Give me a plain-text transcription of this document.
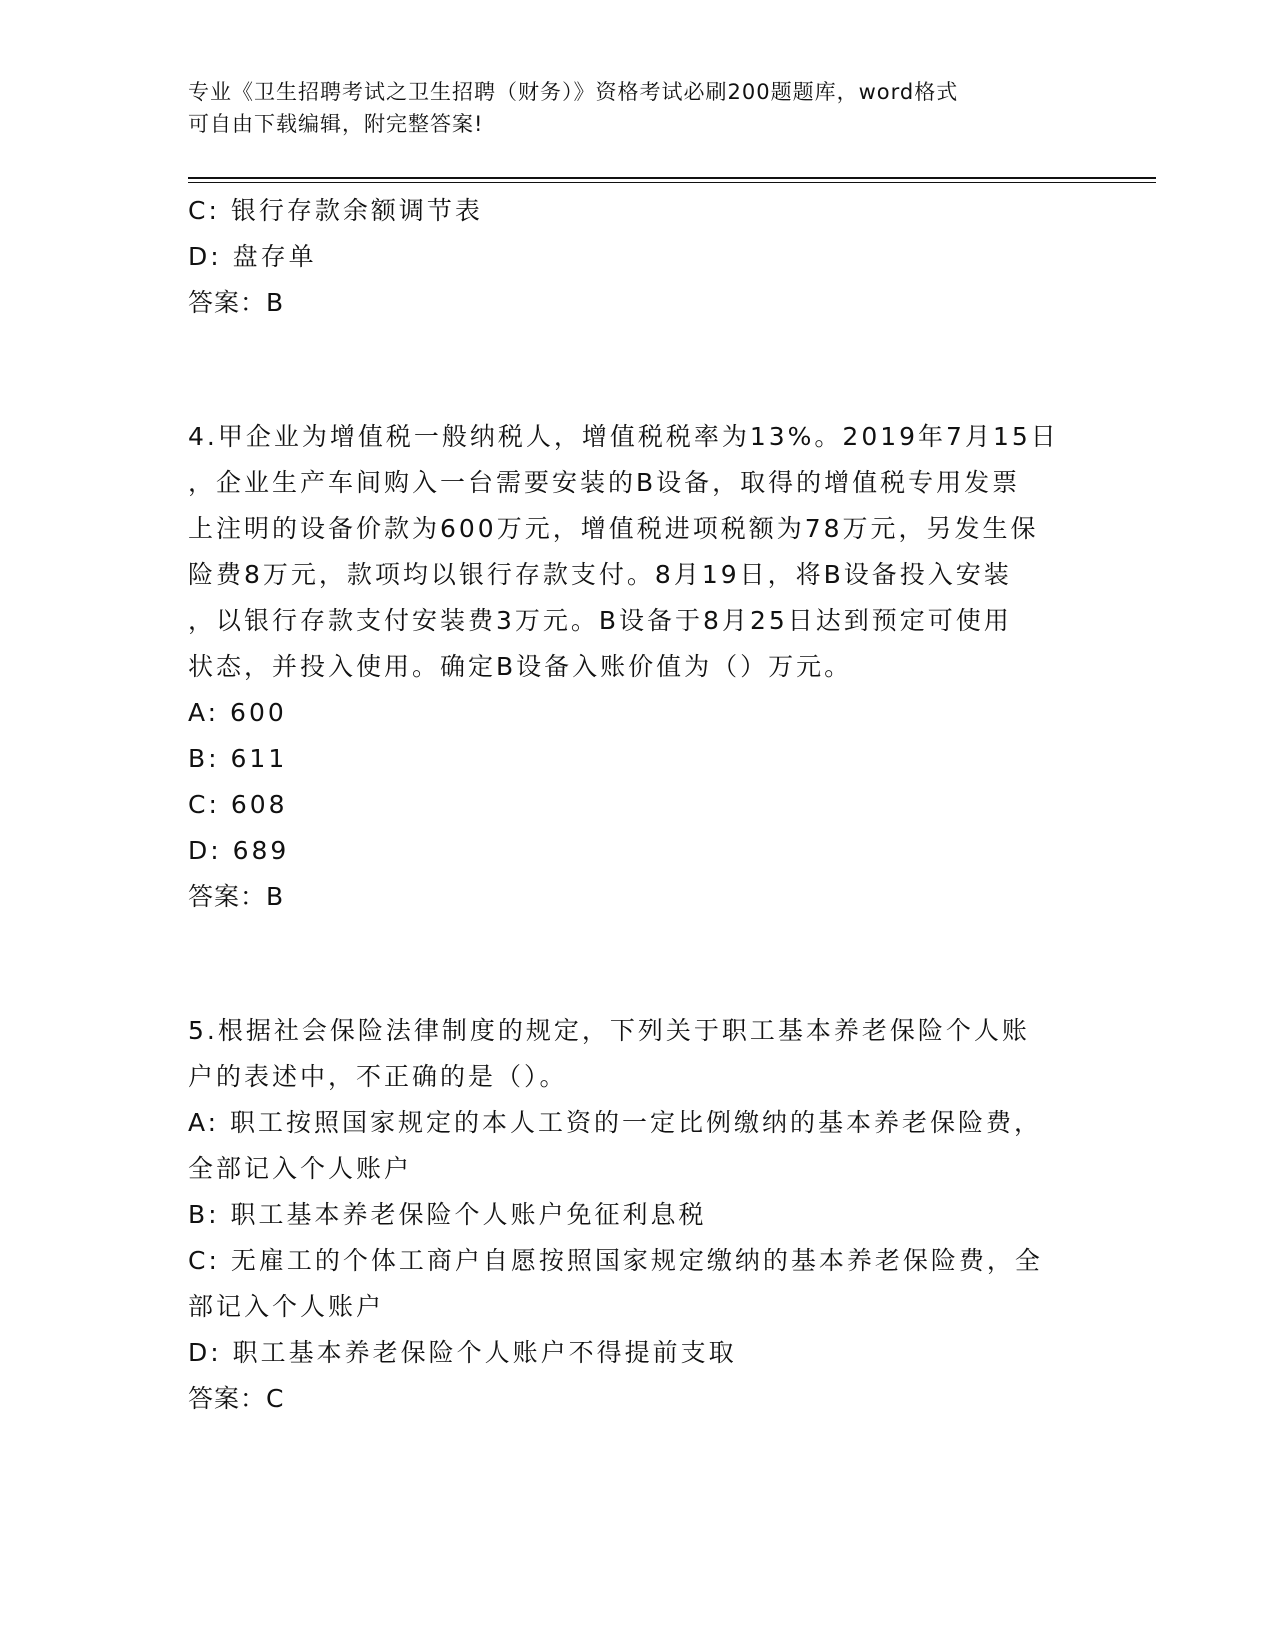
专业《卫生招聘考试之卫生招聘（财务）》资格考试必刷200题题库，word格式
可自由下载编辑，附完整答案!
C: 银行存款余额调节表
D: 盘存单
答案：B
4.甲企业为增值税一般纳税人，增值税税率为13%。2019年7月15日
，企业生产车间购入一台需要安装的B设备，取得的增值税专用发票
上注明的设备价款为600万元，增值税进项税额为78万元，另发生保
险费8万元，款项均以银行存款支付。8月19日，将B设备投入安装
，以银行存款支付安装费3万元。B设备于8月25日达到预定可使用
状态，并投入使用。确定B设备入账价值为（）万元。
A: 600
B: 611
C: 608
D: 689
答案：B
5.根据社会保险法律制度的规定，下列关于职工基本养老保险个人账
户的表述中，不正确的是（）。
A: 职工按照国家规定的本人工资的一定比例缴纳的基本养老保险费，
全部记入个人账户
B: 职工基本养老保险个人账户免征利息税
C: 无雇工的个体工商户自愿按照国家规定缴纳的基本养老保险费，全
部记入个人账户
D: 职工基本养老保险个人账户不得提前支取
答案：C
